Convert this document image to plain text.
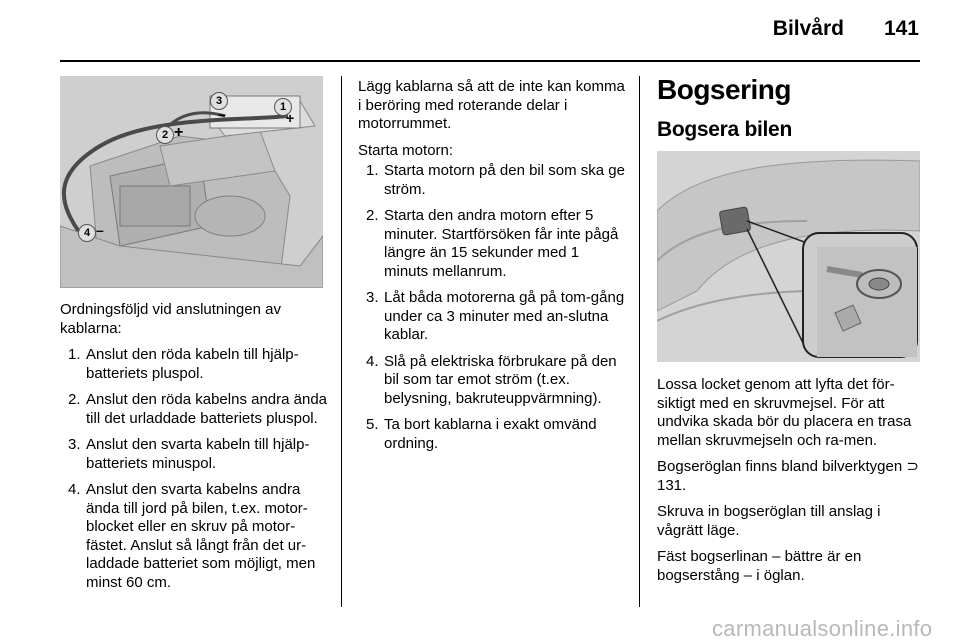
Bilvård 141
1
2
3
4
+
+
–
–

Ordningsföljd vid anslutningen av kablarna:

1. Anslut den röda kabeln till hjälp-batteriets pluspol.
2. Anslut den röda kabelns andra ända till det urladdade batteriets pluspol.
3. Anslut den svarta kabeln till hjälp-batteriets minuspol.
4. Anslut den svarta kabelns andra ända till jord på bilen, t.ex. motor-blocket eller en skruv på motor-fästet. Anslut så långt från det ur-laddade batteriet som möjligt, men minst 60 cm.

Lägg kablarna så att de inte kan komma i beröring med roterande delar i motorrummet.

Starta motorn:

1. Starta motorn på den bil som ska ge ström.
2. Starta den andra motorn efter 5 minuter. Startförsöken får inte pågå längre än 15 sekunder med 1 minuts mellanrum.
3. Låt båda motorerna gå på tom-gång under ca 3 minuter med an-slutna kablar.
4. Slå på elektriska förbrukare på den bil som tar emot ström (t.ex. belysning, bakruteuppvärmning).
5. Ta bort kablarna i exakt omvänd ordning.
Bogsering
Bogsera bilen

Lossa locket genom att lyfta det för-siktigt med en skruvmejsel. För att undvika skada bör du placera en trasa mellan skruvmejseln och ra-men.

Bogseröglan finns bland bilverktygen ⊃ 131.

Skruva in bogseröglan till anslag i vågrätt läge.

Fäst bogserlinan – bättre är en bogserstång – i öglan.

carmanualsonline.info
